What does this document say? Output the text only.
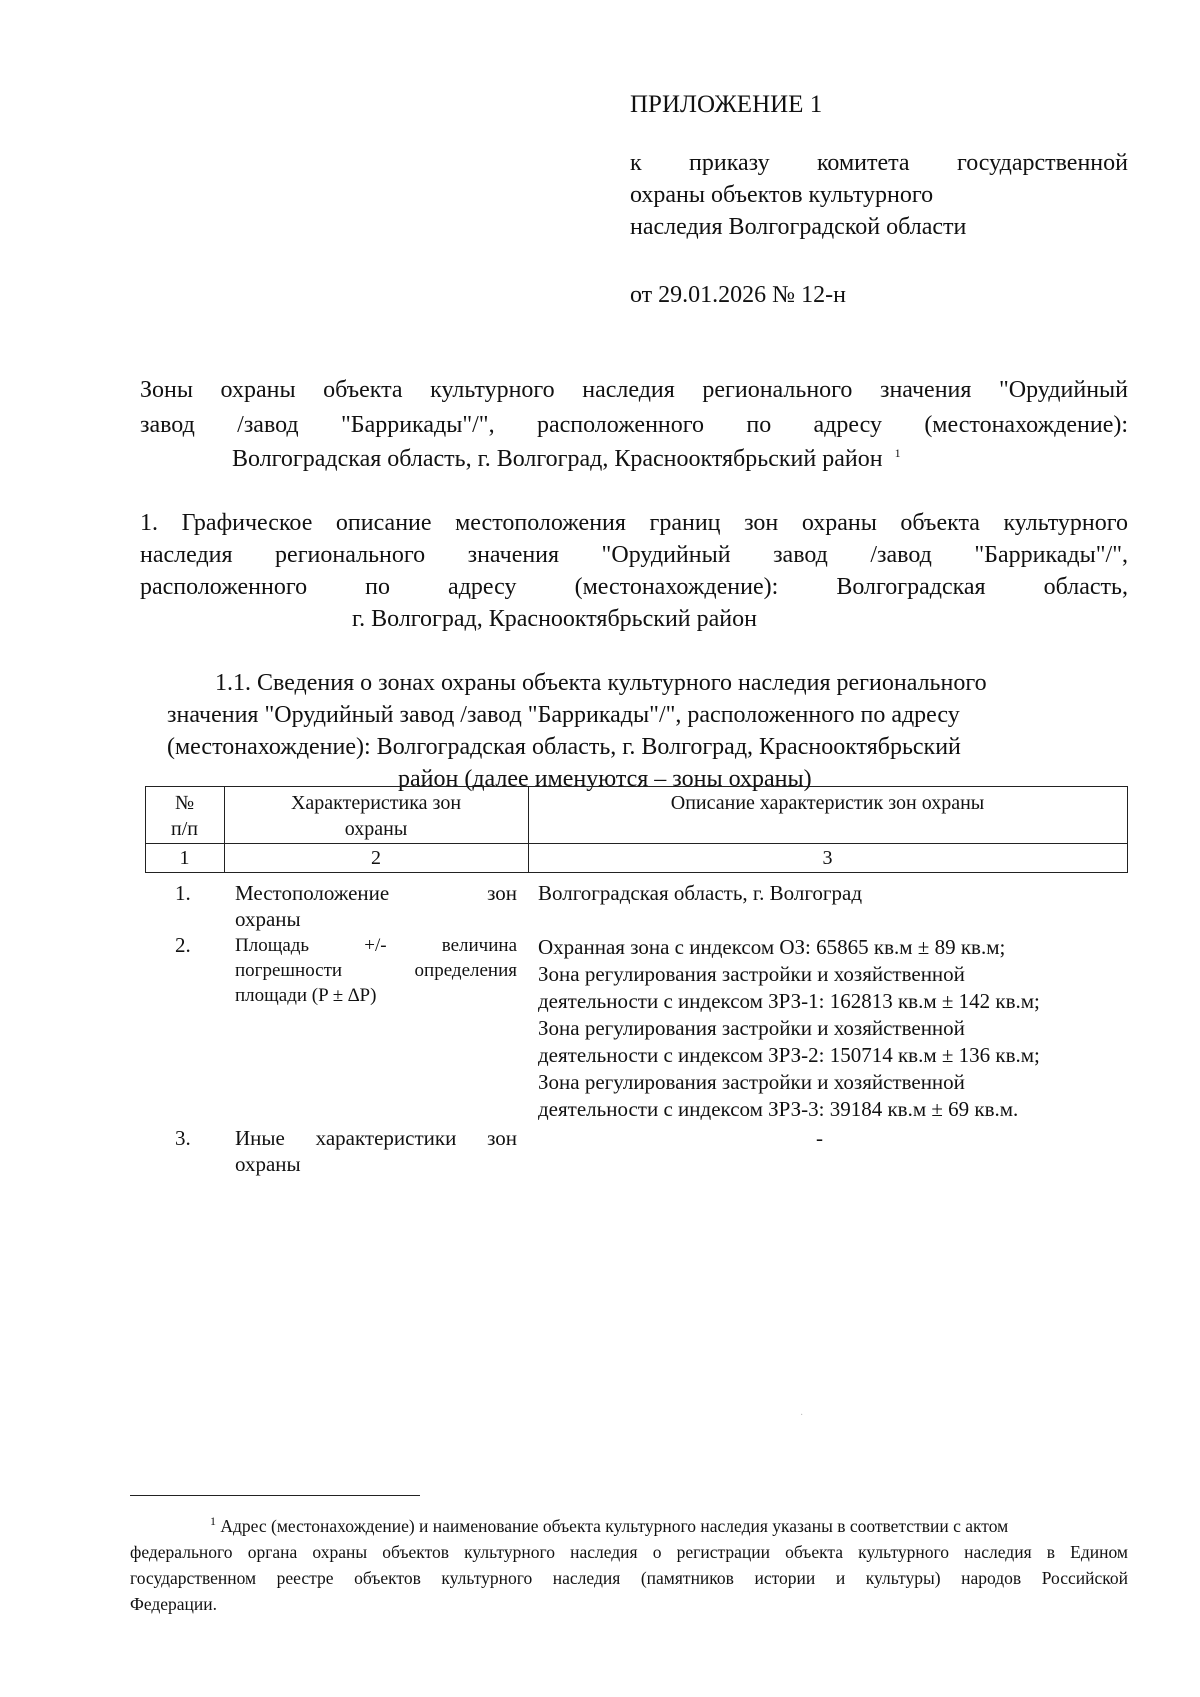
ПРИЛОЖЕНИЕ 1
к приказу комитета государственной
охраны объектов культурного
наследия Волгоградской области
от 29.01.2026 № 12-н
Зоны охраны объекта культурного наследия регионального значения "Орудийный
завод /завод "Баррикады"/", расположенного по адресу (местонахождение):
Волгоградская область, г. Волгоград, Краснооктябрьский район $^1$
1. Графическое описание местоположения границ зон охраны объекта культурного
наследия регионального значения "Орудийный завод /завод "Баррикады"/",
расположенного по адресу (местонахождение): Волгоградская область,
г. Волгоград, Краснооктябрьский район
1.1. Сведения о зонах охраны объекта культурного наследия регионального
значения "Орудийный завод /завод "Баррикады"/", расположенного по адресу
(местонахождение): Волгоградская область, г. Волгоград, Краснооктябрьский
район (далее именуются – зоны охраны)
№
п/п
Характеристика зон
охраны
Описание характеристик зон охраны
1	2	3
1. Местоположение зон
охраны
Волгоградская область, г. Волгоград
2. Площадь +/- величина
погрешности определения
площади (P ± ∆P)
Охранная зона с индексом ОЗ: 65865 кв.м ± 89 кв.м;
Зона регулирования застройки и хозяйственной
деятельности с индексом ЗРЗ-1: 162813 кв.м ± 142 кв.м;
Зона регулирования застройки и хозяйственной
деятельности с индексом ЗРЗ-2: 150714 кв.м ± 136 кв.м;
Зона регулирования застройки и хозяйственной
деятельности с индексом ЗРЗ-3: 39184 кв.м ± 69 кв.м.
3. Иные характеристики зон
охраны
-
·
$^1$ Адрес (местонахождение) и наименование объекта культурного наследия указаны в соответствии с актом
федерального органа охраны объектов культурного наследия о регистрации объекта культурного наследия в Едином
государственном реестре объектов культурного наследия (памятников истории и культуры) народов Российской
Федерации.
